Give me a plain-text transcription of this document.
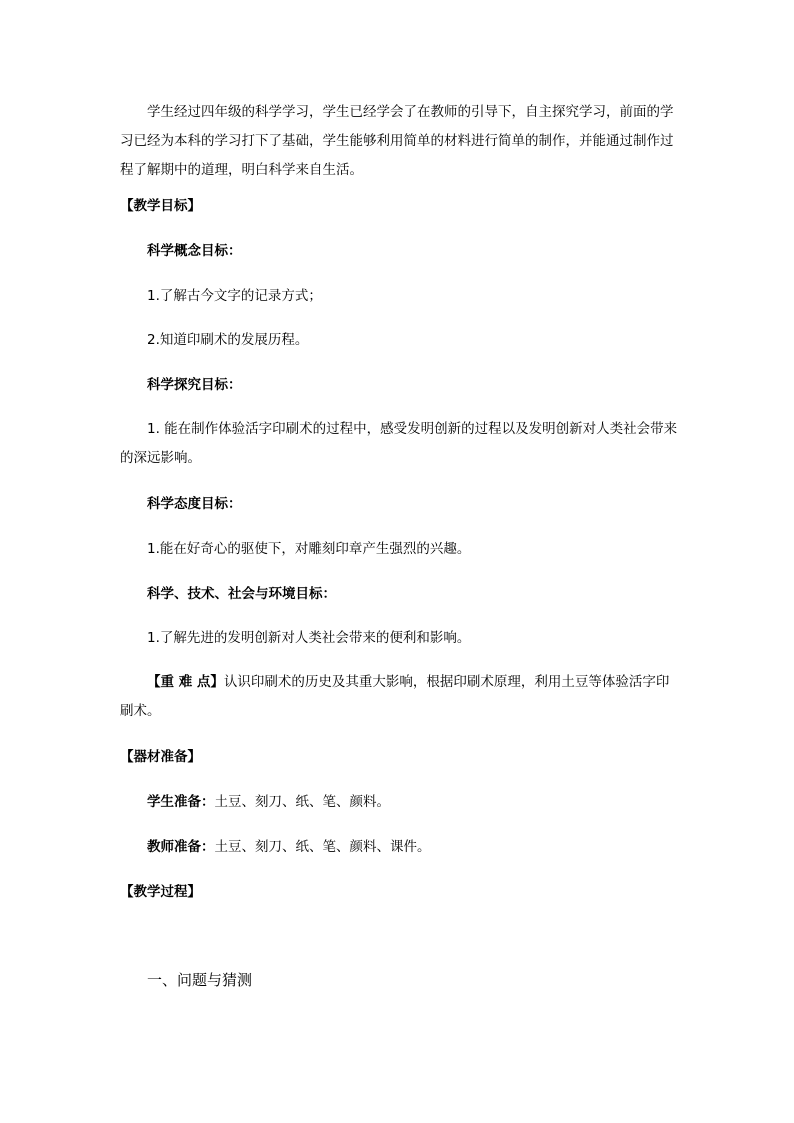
学生经过四年级的科学学习，学生已经学会了在教师的引导下，自主探究学习，前面的学习已经为本科的学习打下了基础，学生能够利用简单的材料进行简单的制作，并能通过制作过程了解期中的道理，明白科学来自生活。

【教学目标】

科学概念目标：

1.了解古今文字的记录方式；

2.知道印刷术的发展历程。

科学探究目标：

1. 能在制作体验活字印刷术的过程中，感受发明创新的过程以及发明创新对人类社会带来的深远影响。

科学态度目标：

1.能在好奇心的驱使下，对雕刻印章产生强烈的兴趣。

科学、技术、社会与环境目标：

1.了解先进的发明创新对人类社会带来的便利和影响。

【重 难 点】认识印刷术的历史及其重大影响，根据印刷术原理，利用土豆等体验活字印刷术。

【器材准备】

学生准备：土豆、刻刀、纸、笔、颜料。

教师准备：土豆、刻刀、纸、笔、颜料、课件。

【教学过程】

一、问题与猜测
